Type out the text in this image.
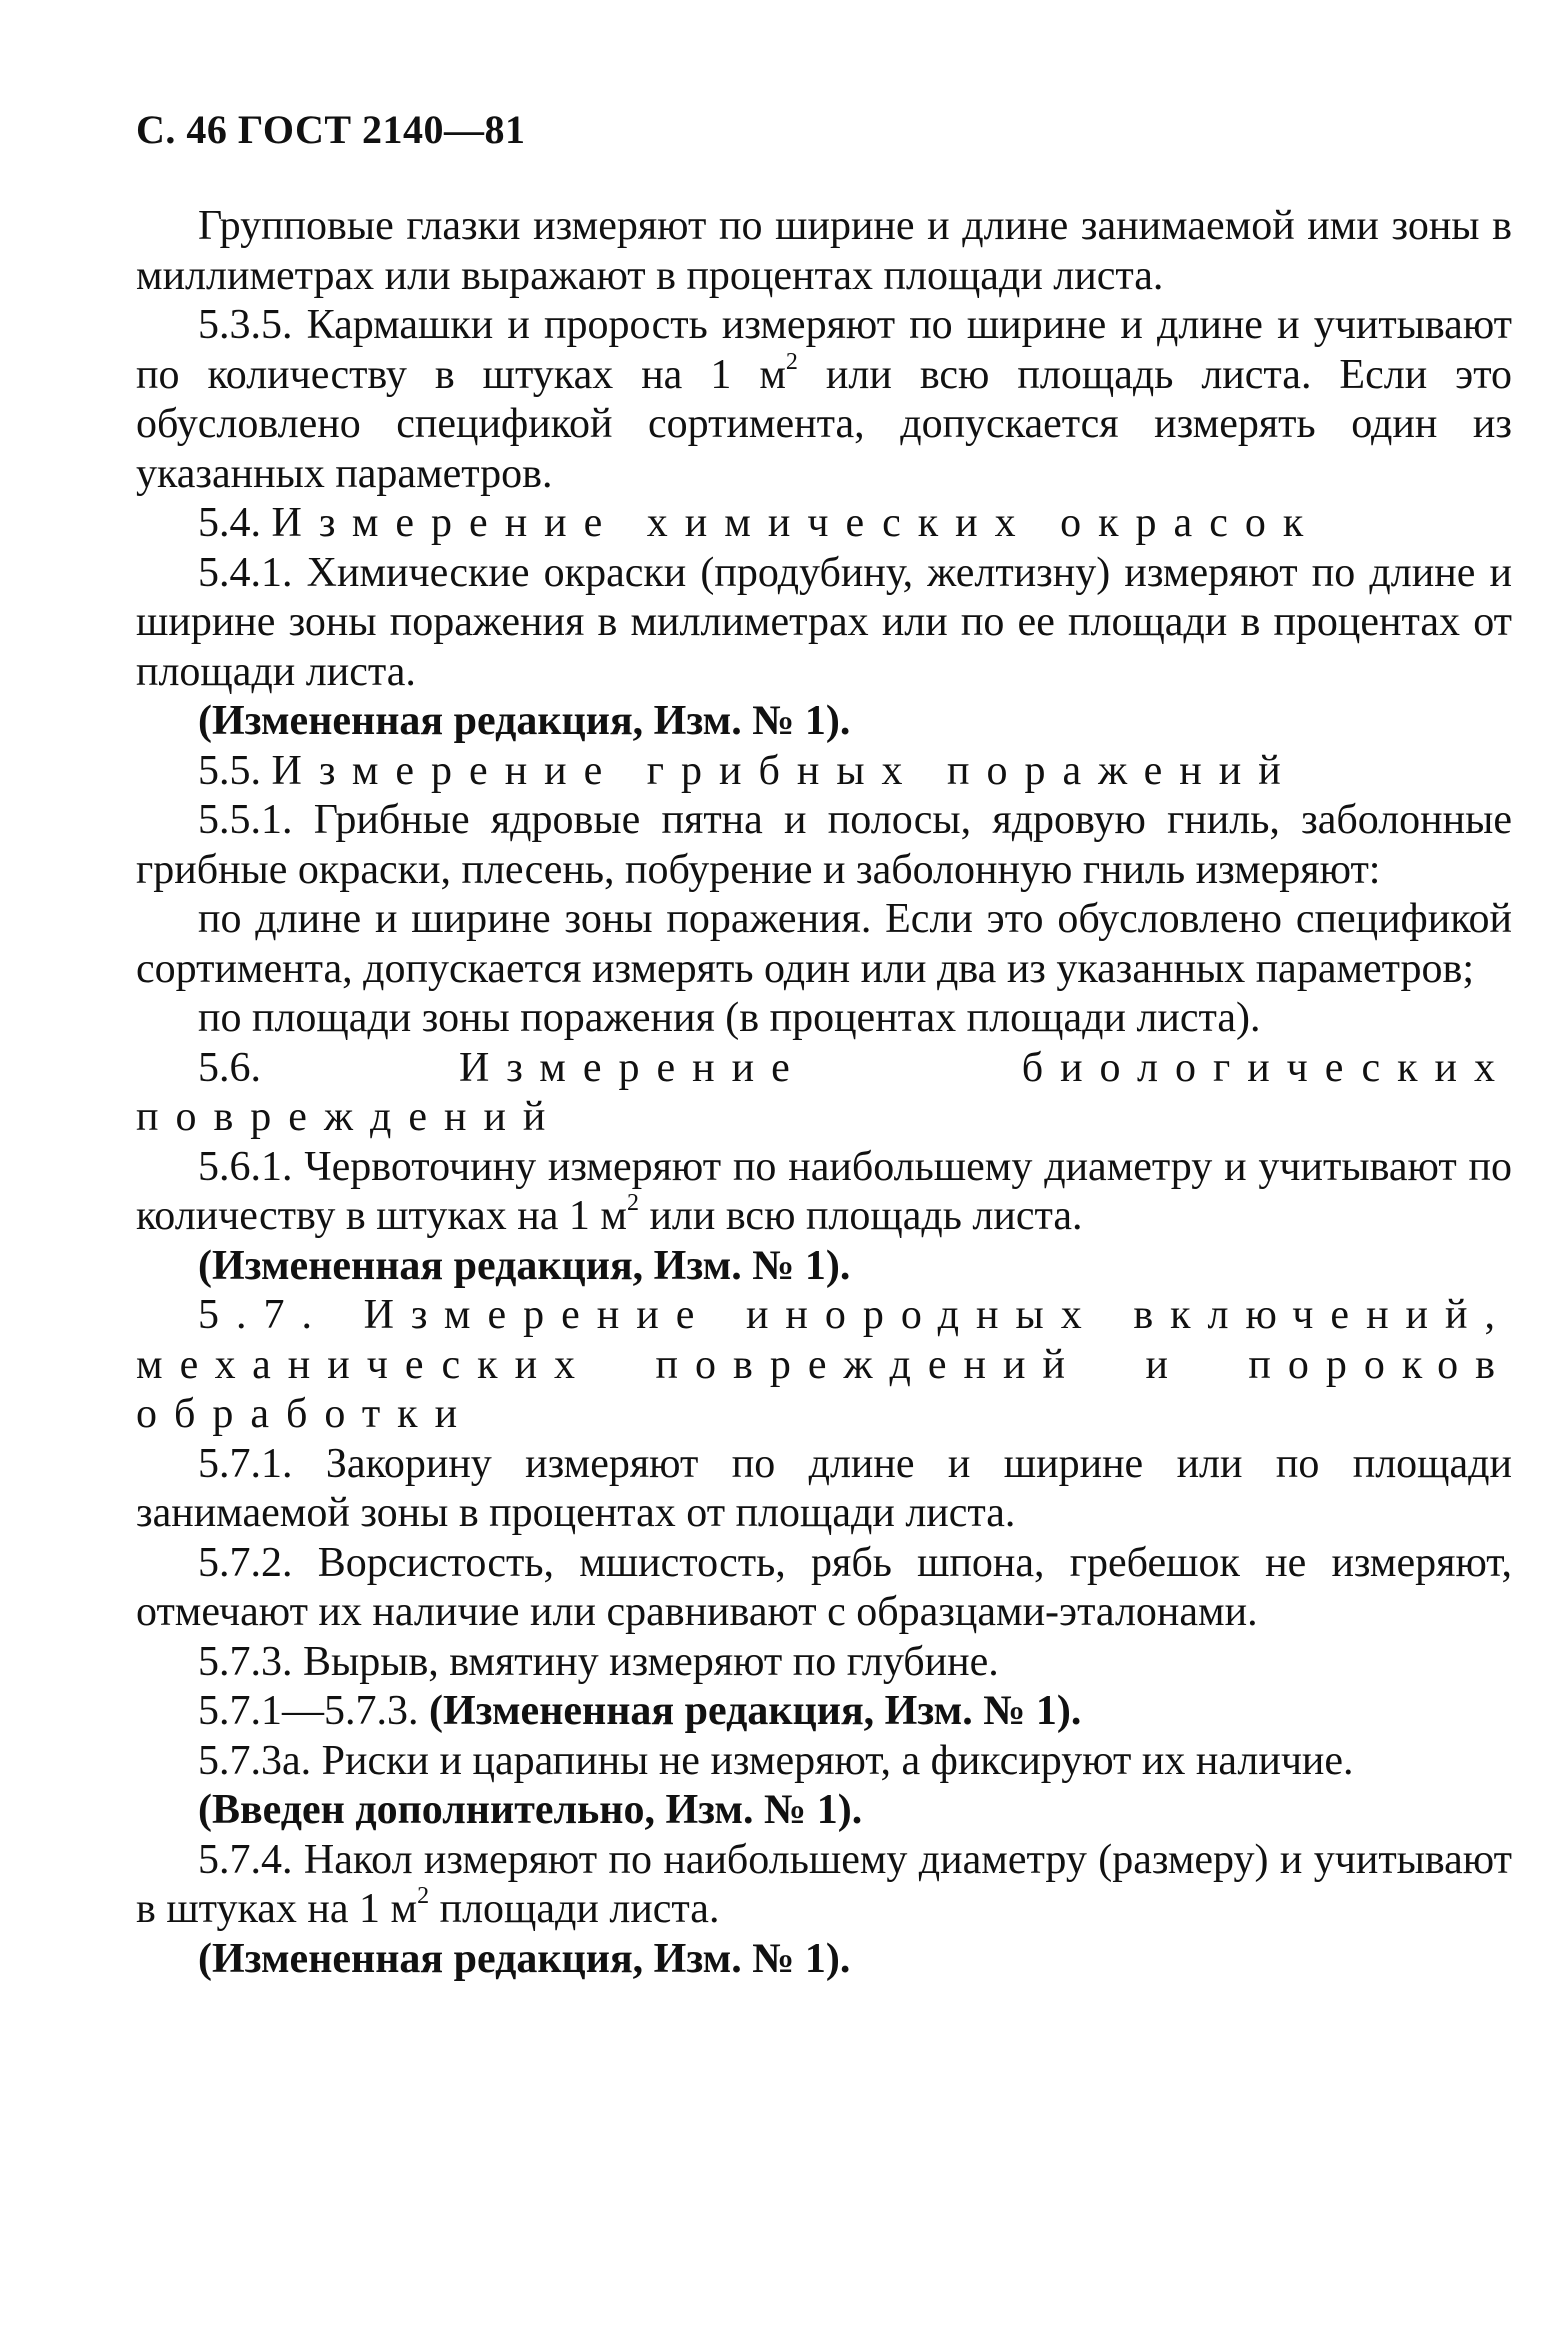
С. 46 ГОСТ 2140—81

Групповые глазки измеряют по ширине и длине занимаемой ими зоны в миллиметрах или выражают в процентах площади листа.

5.3.5. Кармашки и прорость измеряют по ширине и длине и учитывают по количеству в штуках на 1 $м^2$ или всю площадь листа. Если это обусловлено спецификой сортимента, допускается измерять один из указанных параметров.

5.4. Измерение химических окрасок

5.4.1. Химические окраски (продубину, желтизну) измеряют по длине и ширине зоны поражения в миллиметрах или по ее площади в процентах от площади листа.

(Измененная редакция, Изм. № 1).

5.5. Измерение грибных поражений

5.5.1. Грибные ядровые пятна и полосы, ядровую гниль, заболонные грибные окраски, плесень, побурение и заболонную гниль измеряют:

по длине и ширине зоны поражения. Если это обусловлено спецификой сортимента, допускается измерять один или два из указанных параметров;

по площади зоны поражения (в процентах площади листа).

5.6. Измерение биологических повреждений

5.6.1. Червоточину измеряют по наибольшему диаметру и учитывают по количеству в штуках на 1 $м^2$ или всю площадь листа.

(Измененная редакция, Изм. № 1).

5.7. Измерение инородных включений, механических повреждений и пороков обработки

5.7.1. Закорину измеряют по длине и ширине или по площади занимаемой зоны в процентах от площади листа.

5.7.2. Ворсистость, мшистость, рябь шпона, гребешок не измеряют, отмечают их наличие или сравнивают с образцами-эталонами.

5.7.3. Вырыв, вмятину измеряют по глубине.

5.7.1—5.7.3. (Измененная редакция, Изм. № 1).

5.7.3а. Риски и царапины не измеряют, а фиксируют их наличие.

(Введен дополнительно, Изм. № 1).

5.7.4. Накол измеряют по наибольшему диаметру (размеру) и учитывают в штуках на 1 $м^2$ площади листа.

(Измененная редакция, Изм. № 1).
